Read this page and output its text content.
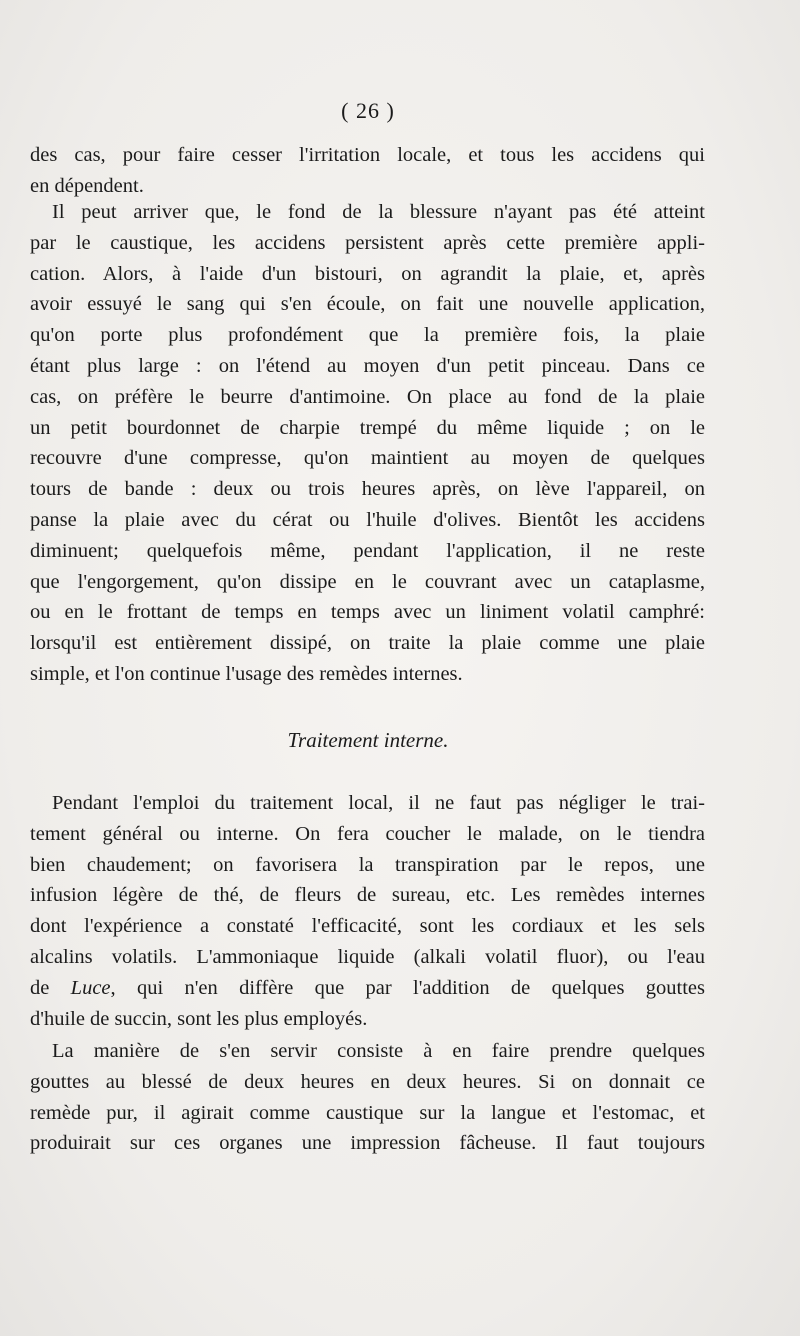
( 26 )
des cas, pour faire cesser l'irritation locale, et tous les accidens qui
en dépendent.
Il peut arriver que, le fond de la blessure n'ayant pas été atteint
par le caustique, les accidens persistent après cette première appli-
cation. Alors, à l'aide d'un bistouri, on agrandit la plaie, et, après
avoir essuyé le sang qui s'en écoule, on fait une nouvelle application,
qu'on porte plus profondément que la première fois, la plaie
étant plus large : on l'étend au moyen d'un petit pinceau. Dans ce
cas, on préfère le beurre d'antimoine. On place au fond de la plaie
un petit bourdonnet de charpie trempé du même liquide ; on le
recouvre d'une compresse, qu'on maintient au moyen de quelques
tours de bande : deux ou trois heures après, on lève l'appareil, on
panse la plaie avec du cérat ou l'huile d'olives. Bientôt les accidens
diminuent; quelquefois même, pendant l'application, il ne reste
que l'engorgement, qu'on dissipe en le couvrant avec un cataplasme,
ou en le frottant de temps en temps avec un liniment volatil camphré:
lorsqu'il est entièrement dissipé, on traite la plaie comme une plaie
simple, et l'on continue l'usage des remèdes internes.
Traitement interne.
Pendant l'emploi du traitement local, il ne faut pas négliger le trai-
tement général ou interne. On fera coucher le malade, on le tiendra
bien chaudement; on favorisera la transpiration par le repos, une
infusion légère de thé, de fleurs de sureau, etc. Les remèdes internes
dont l'expérience a constaté l'efficacité, sont les cordiaux et les sels
alcalins volatils. L'ammoniaque liquide (alkali volatil fluor), ou l'eau
de Luce, qui n'en diffère que par l'addition de quelques gouttes
d'huile de succin, sont les plus employés.
La manière de s'en servir consiste à en faire prendre quelques
gouttes au blessé de deux heures en deux heures. Si on donnait ce
remède pur, il agirait comme caustique sur la langue et l'estomac, et
produirait sur ces organes une impression fâcheuse. Il faut toujours
